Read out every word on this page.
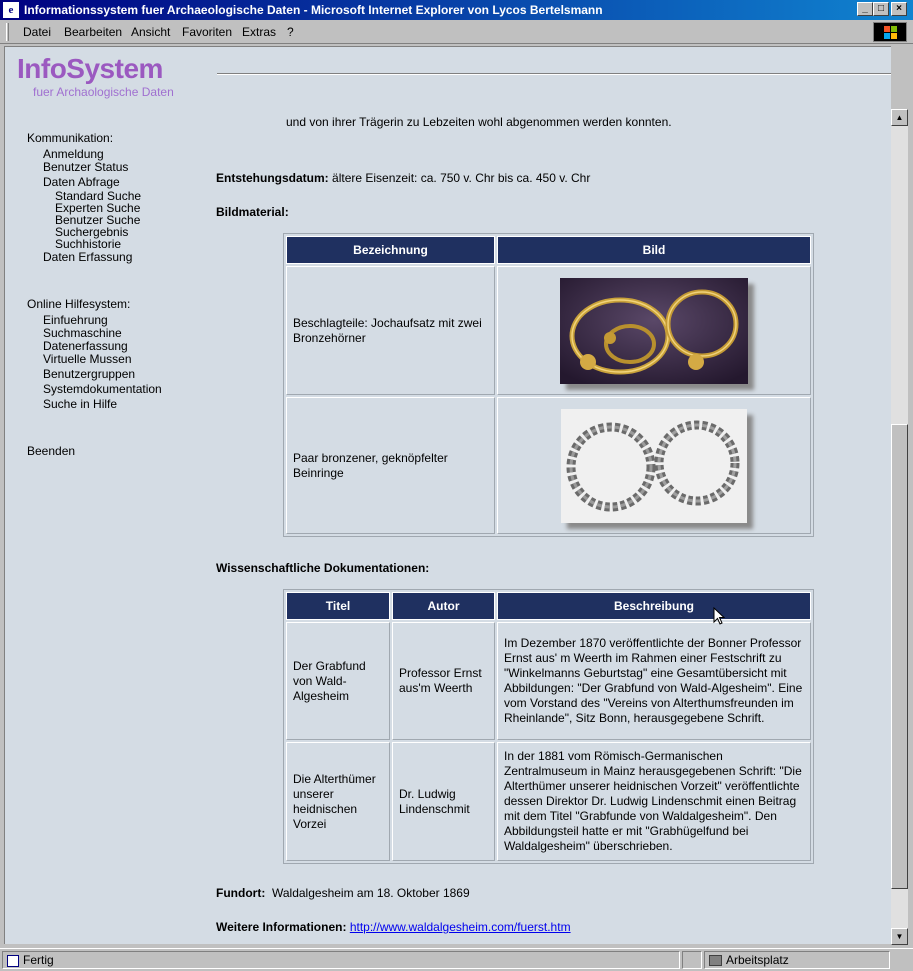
e Informationssystem fuer Archaeologische Daten - Microsoft Internet Explorer von Lycos Bertelsmann	_	□	×
Datei Bearbeiten Ansicht Favoriten Extras ?
InfoSystem
fuer Archaologische Daten
Kommunikation:
Anmeldung
Benutzer Status
Daten Abfrage
Standard Suche
Experten Suche
Benutzer Suche
Suchergebnis
Suchhistorie
Daten Erfassung
Online Hilfesystem:
Einfuehrung
Suchmaschine
Datenerfassung
Virtuelle Mussen
Benutzergruppen
Systemdokumentation
Suche in Hilfe
Beenden
und von ihrer Trägerin zu Lebzeiten wohl abgenommen werden konnten.
Entstehungsdatum: ältere Eisenzeit: ca. 750 v. Chr bis ca. 450 v. Chr
Bildmaterial:
Bezeichnung	Bild
Beschlagteile: Jochaufsatz mit zwei Bronzehörner	

Paar bronzener, geknöpfelter Beinringe	
Wissenschaftliche Dokumentationen:
Titel	Autor	Beschreibung
Der Grabfund von Wald-Algesheim	Professor Ernst aus'm Weerth	Im Dezember 1870 veröffentlichte der Bonner Professor Ernst aus' m Weerth im Rahmen einer Festschrift zu "Winkelmanns Geburtstag" eine Gesamtübersicht mit Abbildungen: "Der Grabfund von Wald-Algesheim". Eine vom Vorstand des "Vereins von Alterthumsfreunden im Rheinlande", Sitz Bonn, herausgegebene Schrift.
Die Alterthümer unserer heidnischen Vorzei	Dr. Ludwig Lindenschmit	In der 1881 vom Römisch-Germanischen Zentralmuseum in Mainz herausgegebenen Schrift: "Die Alterthümer unserer heidnischen Vorzeit" veröffentlichte dessen Direktor Dr. Ludwig Lindenschmit einen Beitrag mit dem Titel "Grabfunde von Waldalgesheim". Den Abbildungsteil hatte er mit "Grabhügelfund bei Waldalgesheim" überschrieben.
Fundort: Waldalgesheim am 18. Oktober 1869
Weitere Informationen: http://www.waldalgesheim.com/fuerst.htm
▲
▼
Fertig	Arbeitsplatz
